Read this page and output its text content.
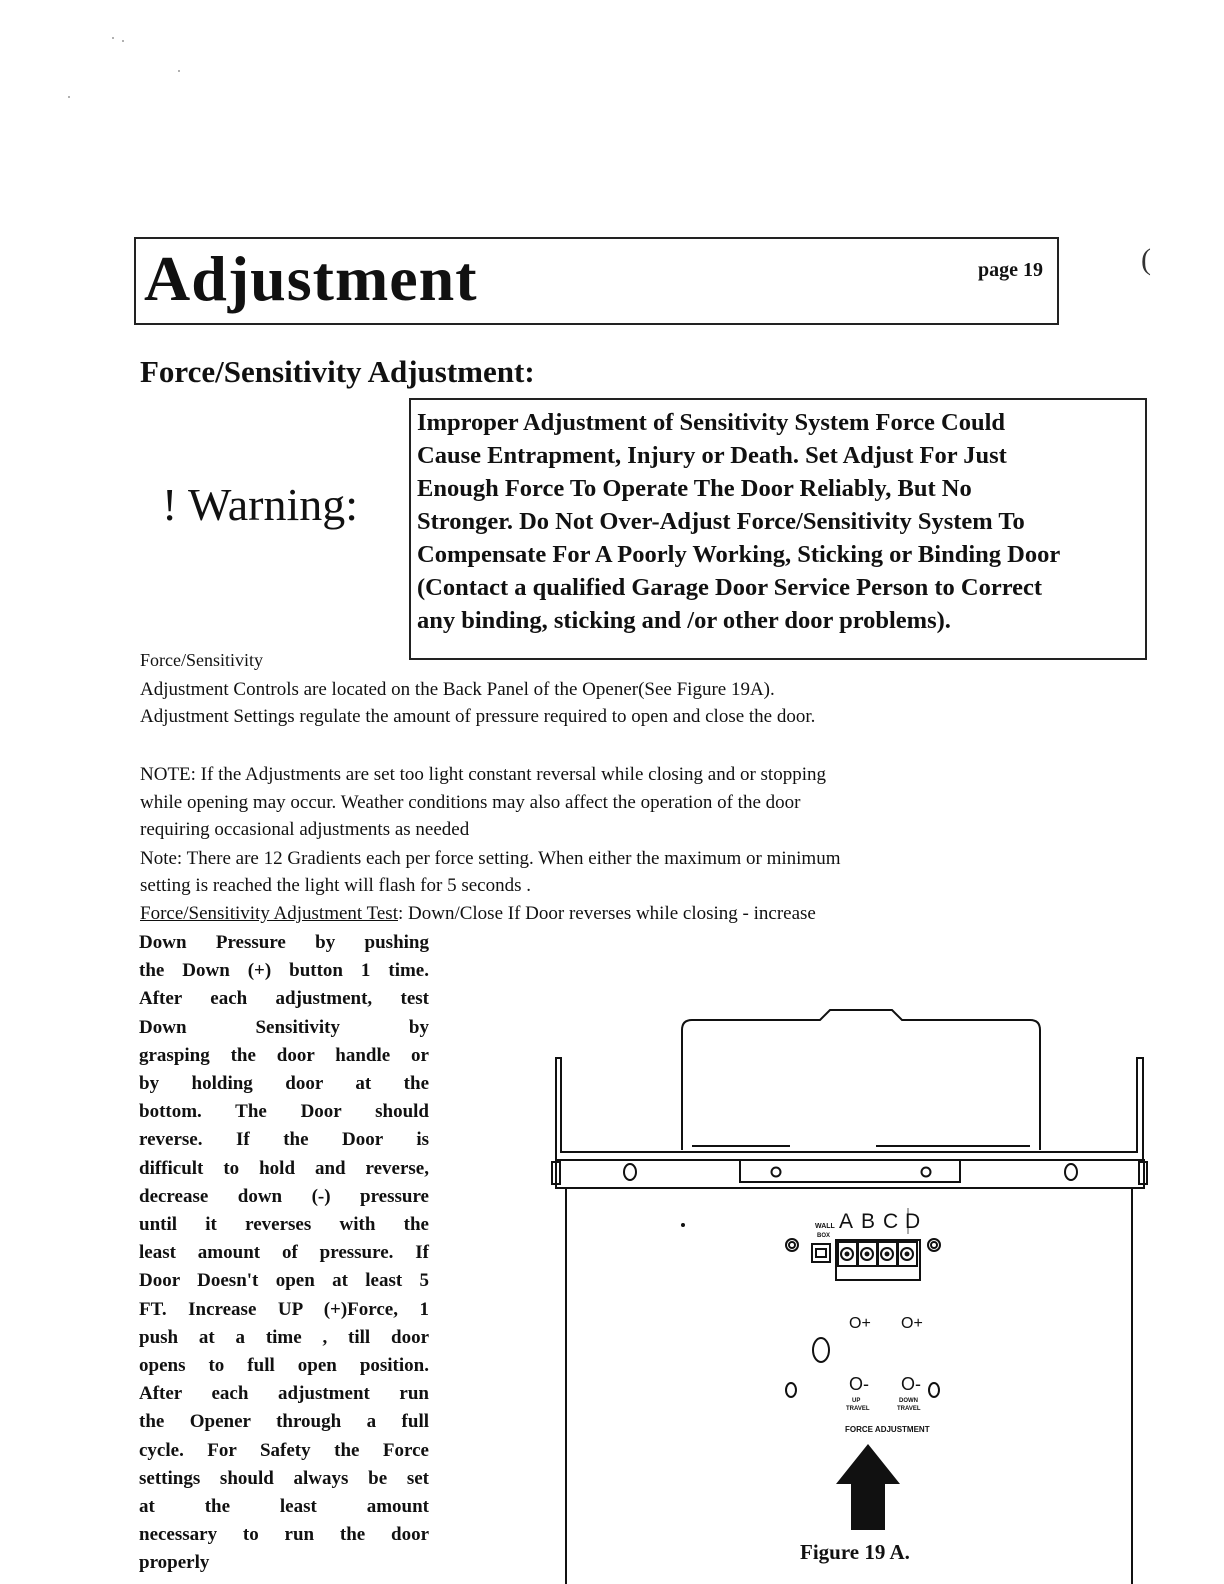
(
Adjustment	page 19
Force/Sensitivity Adjustment:
! Warning:
Improper Adjustment of Sensitivity System Force Could
Cause Entrapment, Injury or Death. Set Adjust For Just
Enough Force To Operate The Door Reliably, But No
Stronger. Do Not Over-Adjust Force/Sensitivity System To
Compensate For A Poorly Working, Sticking or Binding Door
(Contact a qualified Garage Door Service Person to Correct
any binding, sticking and /or other door problems).
Force/Sensitivity
Adjustment Controls are located on the Back Panel of the Opener(See Figure 19A).
Adjustment Settings regulate the amount of pressure required to open and close the door.
NOTE: If the Adjustments are set too light constant reversal while closing and or stopping
while opening may occur. Weather conditions may also affect the operation of the door
requiring occasional adjustments as needed
Note: There are 12 Gradients each per force setting. When either the maximum or minimum
setting is reached the light will flash for 5 seconds .
Force/Sensitivity Adjustment Test: Down/Close If Door reverses while closing - increase
Down Pressure by pushing
the Down (+) button 1 time.
After each adjustment, test
Down Sensitivity by
grasping the door handle or
by holding door at the
bottom. The Door should
reverse. If the Door is
difficult to hold and reverse,
decrease down (-) pressure
until it reverses with the
least amount of pressure. If
Door Doesn't open at least 5
FT. Increase UP (+)Force, 1
push at a time , till door
opens to full open position.
After each adjustment run
the Opener through a full
cycle. For Safety the Force
settings should always be set
at the least amount
necessary to run the door
properly
WALL
BOX
A B C D
O+ O+
O- O-
UP
TRAVEL
DOWN
TRAVEL
FORCE ADJUSTMENT
Figure 19 A.
